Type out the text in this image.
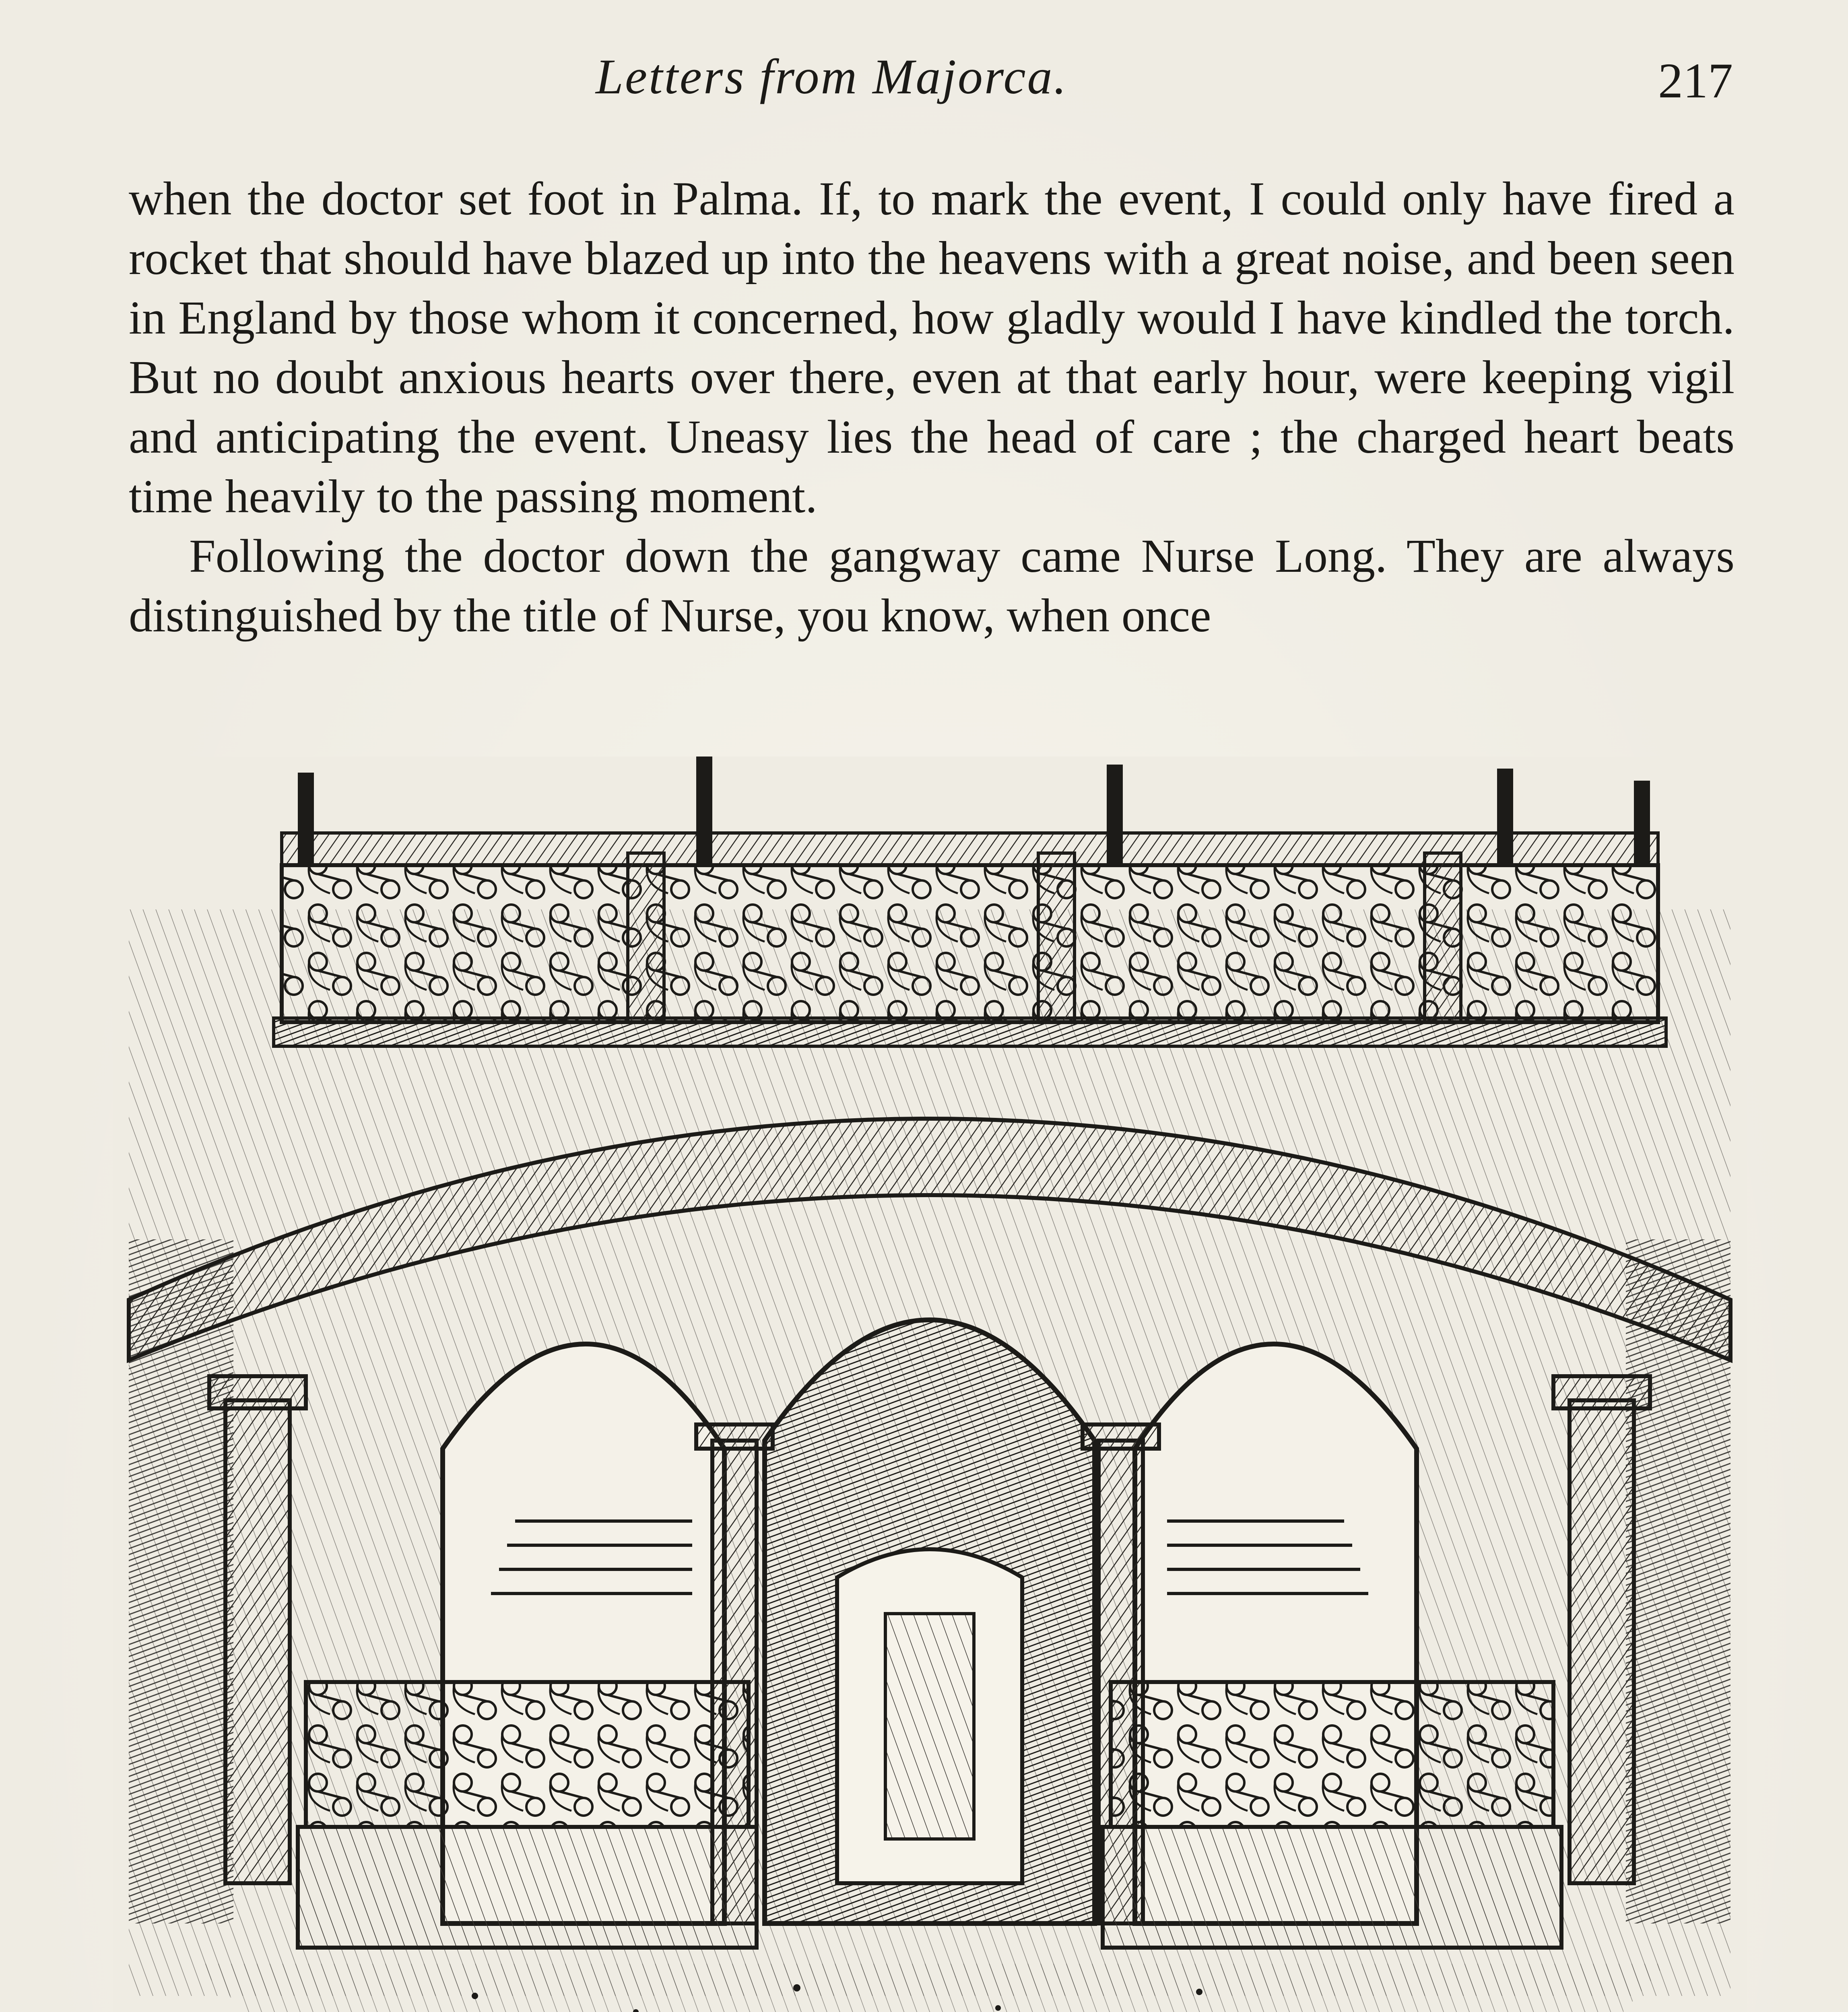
Letters from Majorca.	217

when the doctor set foot in Palma. If, to mark the event, I could only have fired a rocket that should have blazed up into the heavens with a great noise, and been seen in England by those whom it concerned, how gladly would I have kindled the torch. But no doubt anxious hearts over there, even at that early hour, were keeping vigil and anticipating the event. Uneasy lies the head of care ; the charged heart beats time heavily to the passing moment.

Following the doctor down the gangway came Nurse Long. They are always distinguished by the title of Nurse, you know, when once
